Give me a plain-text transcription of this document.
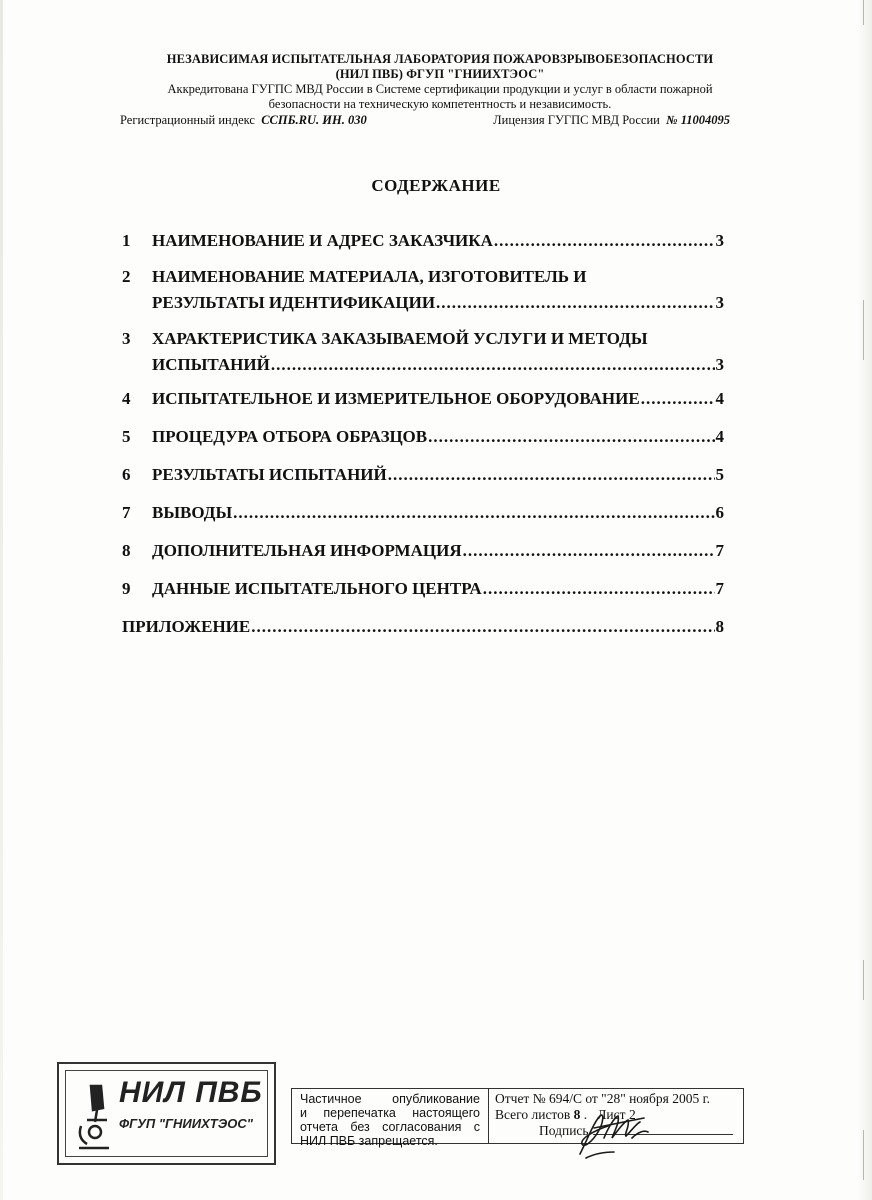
НЕЗАВИСИМАЯ ИСПЫТАТЕЛЬНАЯ ЛАБОРАТОРИЯ ПОЖАРОВЗРЫВОБЕЗОПАСНОСТИ
(НИЛ ПВБ) ФГУП "ГНИИХТЭОС"
Аккредитована ГУГПС МВД России в Системе сертификации продукции и услуг в области пожарной
безопасности на техническую компетентность и независимость.
Регистрационный индекс ССПБ.RU. ИН. 030	Лицензия ГУГПС МВД России № 11004095
СОДЕРЖАНИЕ
1 НАИМЕНОВАНИЕ И АДРЕС ЗАКАЗЧИКА .....	3
2 НАИМЕНОВАНИЕ МАТЕРИАЛА, ИЗГОТОВИТЕЛЬ И
РЕЗУЛЬТАТЫ ИДЕНТИФИКАЦИИ .....	3
3 ХАРАКТЕРИСТИКА ЗАКАЗЫВАЕМОЙ УСЛУГИ И МЕТОДЫ
ИСПЫТАНИЙ .....	3
4 ИСПЫТАТЕЛЬНОЕ И ИЗМЕРИТЕЛЬНОЕ ОБОРУДОВАНИЕ .....	4
5 ПРОЦЕДУРА ОТБОРА ОБРАЗЦОВ .....	4
6 РЕЗУЛЬТАТЫ ИСПЫТАНИЙ .....	5
7 ВЫВОДЫ .....	6
8 ДОПОЛНИТЕЛЬНАЯ ИНФОРМАЦИЯ .....	7
9 ДАННЫЕ ИСПЫТАТЕЛЬНОГО ЦЕНТРА .....	7
ПРИЛОЖЕНИЕ .....	8
НИЛ ПВБ
ФГУП "ГНИИХТЭОС"
Частичное опубликование
и перепечатка настоящего
отчета без согласования с
НИЛ ПВБ запрещается.
Отчет № 694/С от "28" ноября 2005 г.
Всего листов 8 .   Лист 2
Подпись
